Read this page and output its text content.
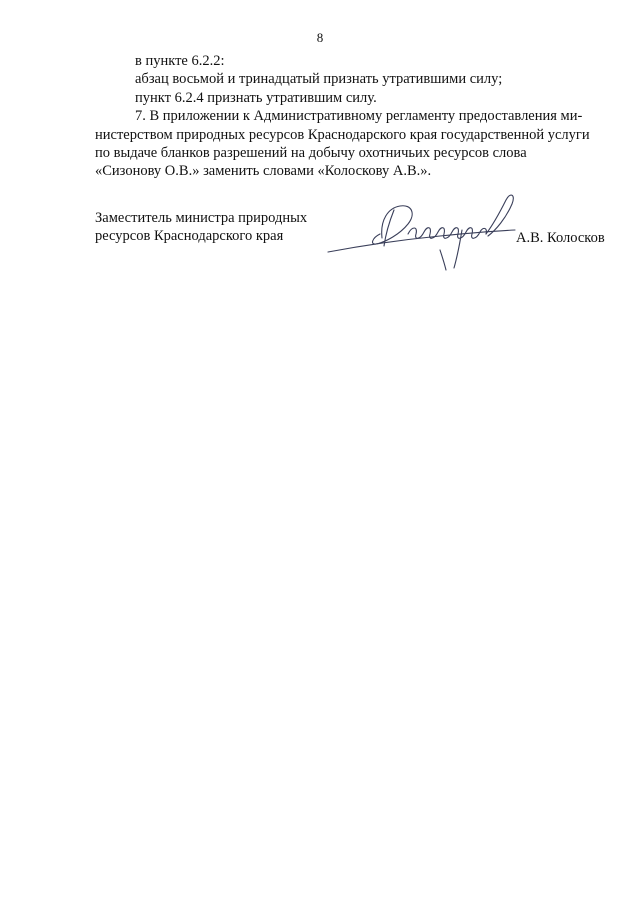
8

в пункте 6.2.2:

абзац восьмой и тринадцатый признать утратившими силу;

пункт 6.2.4 признать утратившим силу.

7. В приложении к Административному регламенту предоставления ми-

нистерством природных ресурсов Краснодарского края государственной услуги

по выдаче бланков разрешений на добычу охотничьих ресурсов слова

«Сизонову О.В.» заменить словами «Колоскову А.В.».

Заместитель министра природных
ресурсов Краснодарского края	А.В. Колосков
